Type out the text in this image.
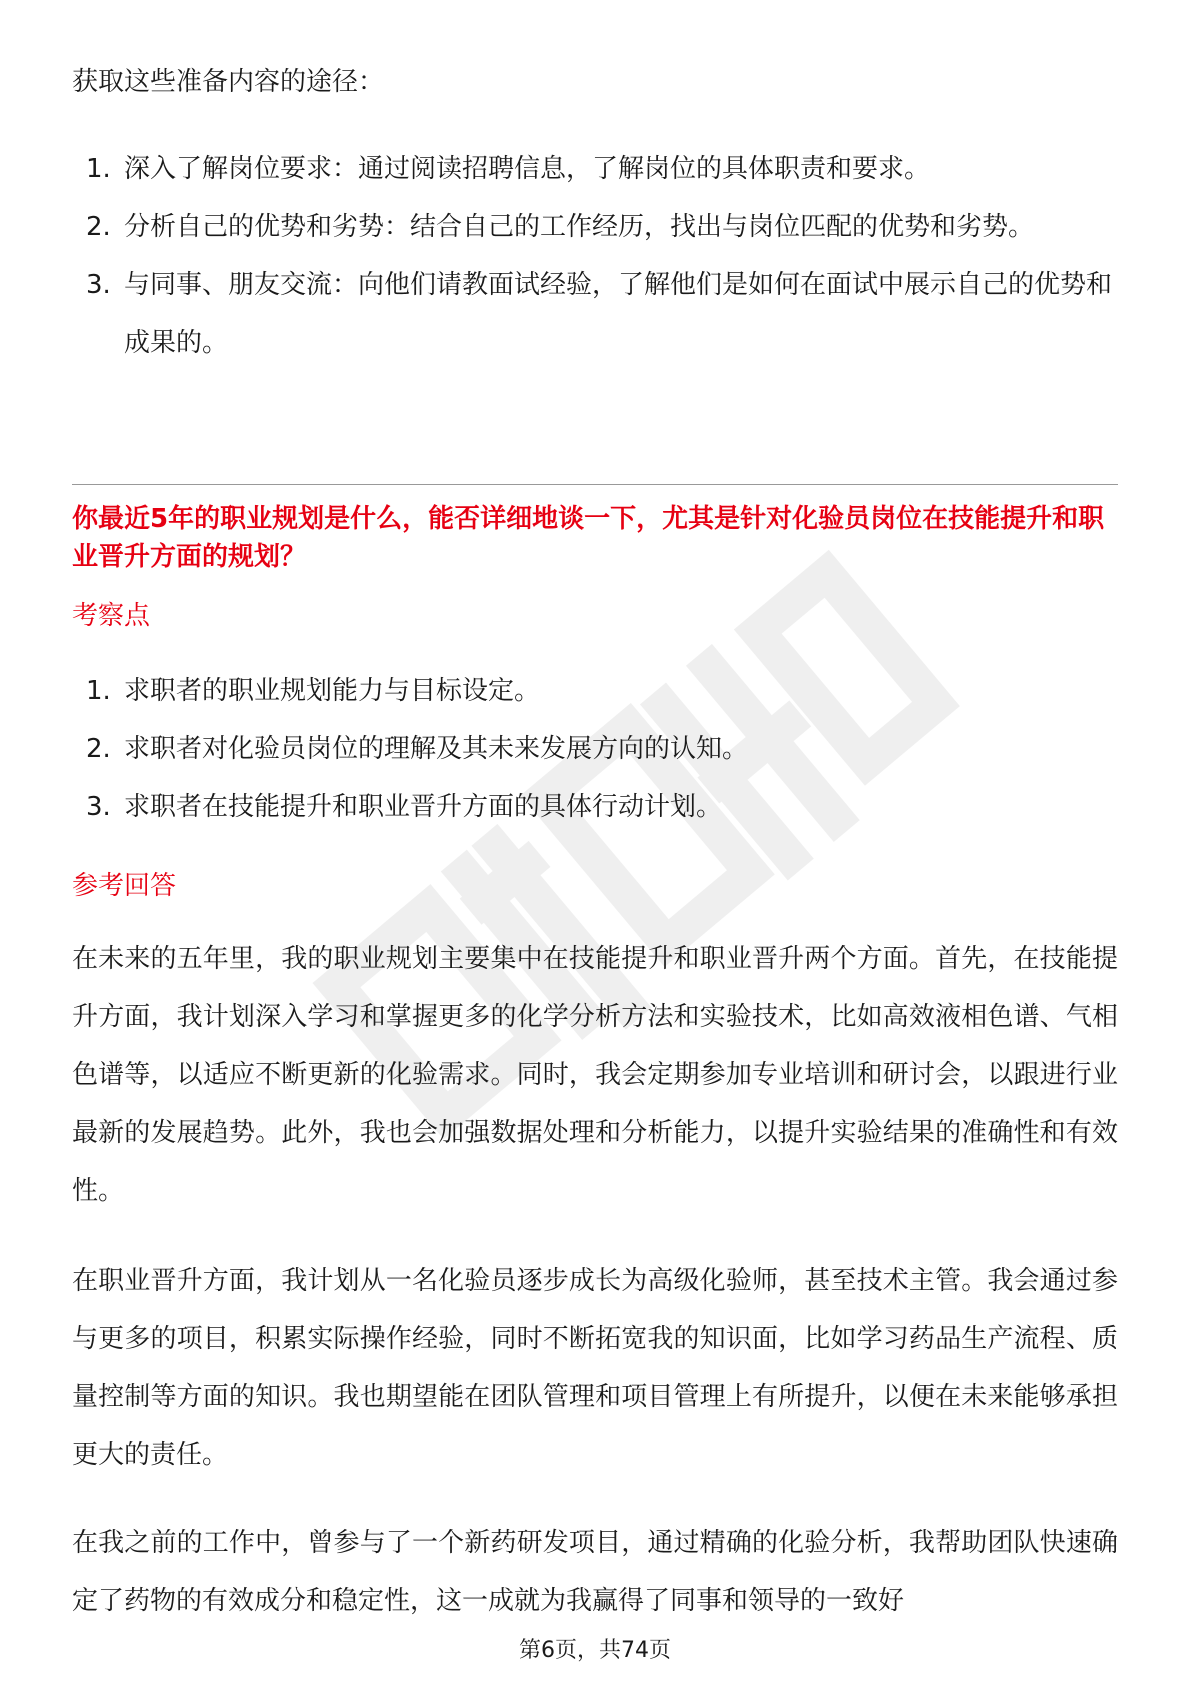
获取这些准备内容的途径：

1. 深入了解岗位要求：通过阅读招聘信息，了解岗位的具体职责和要求。
2. 分析自己的优势和劣势：结合自己的工作经历，找出与岗位匹配的优势和劣势。
3. 与同事、朋友交流：向他们请教面试经验，了解他们是如何在面试中展示自己的优势和成果的。
你最近5年的职业规划是什么，能否详细地谈一下，尤其是针对化验员岗位在技能提升和职业晋升方面的规划？
考察点
1. 求职者的职业规划能力与目标设定。
2. 求职者对化验员岗位的理解及其未来发展方向的认知。
3. 求职者在技能提升和职业晋升方面的具体行动计划。
参考回答

在未来的五年里，我的职业规划主要集中在技能提升和职业晋升两个方面。首先，在技能提升方面，我计划深入学习和掌握更多的化学分析方法和实验技术，比如高效液相色谱、气相色谱等，以适应不断更新的化验需求。同时，我会定期参加专业培训和研讨会，以跟进行业最新的发展趋势。此外，我也会加强数据处理和分析能力，以提升实验结果的准确性和有效性。

在职业晋升方面，我计划从一名化验员逐步成长为高级化验师，甚至技术主管。我会通过参与更多的项目，积累实际操作经验，同时不断拓宽我的知识面，比如学习药品生产流程、质量控制等方面的知识。我也期望能在团队管理和项目管理上有所提升，以便在未来能够承担更大的责任。

在我之前的工作中，曾参与了一个新药研发项目，通过精确的化验分析，我帮助团队快速确定了药物的有效成分和稳定性，这一成就为我赢得了同事和领导的一致好

第6页，共74页
